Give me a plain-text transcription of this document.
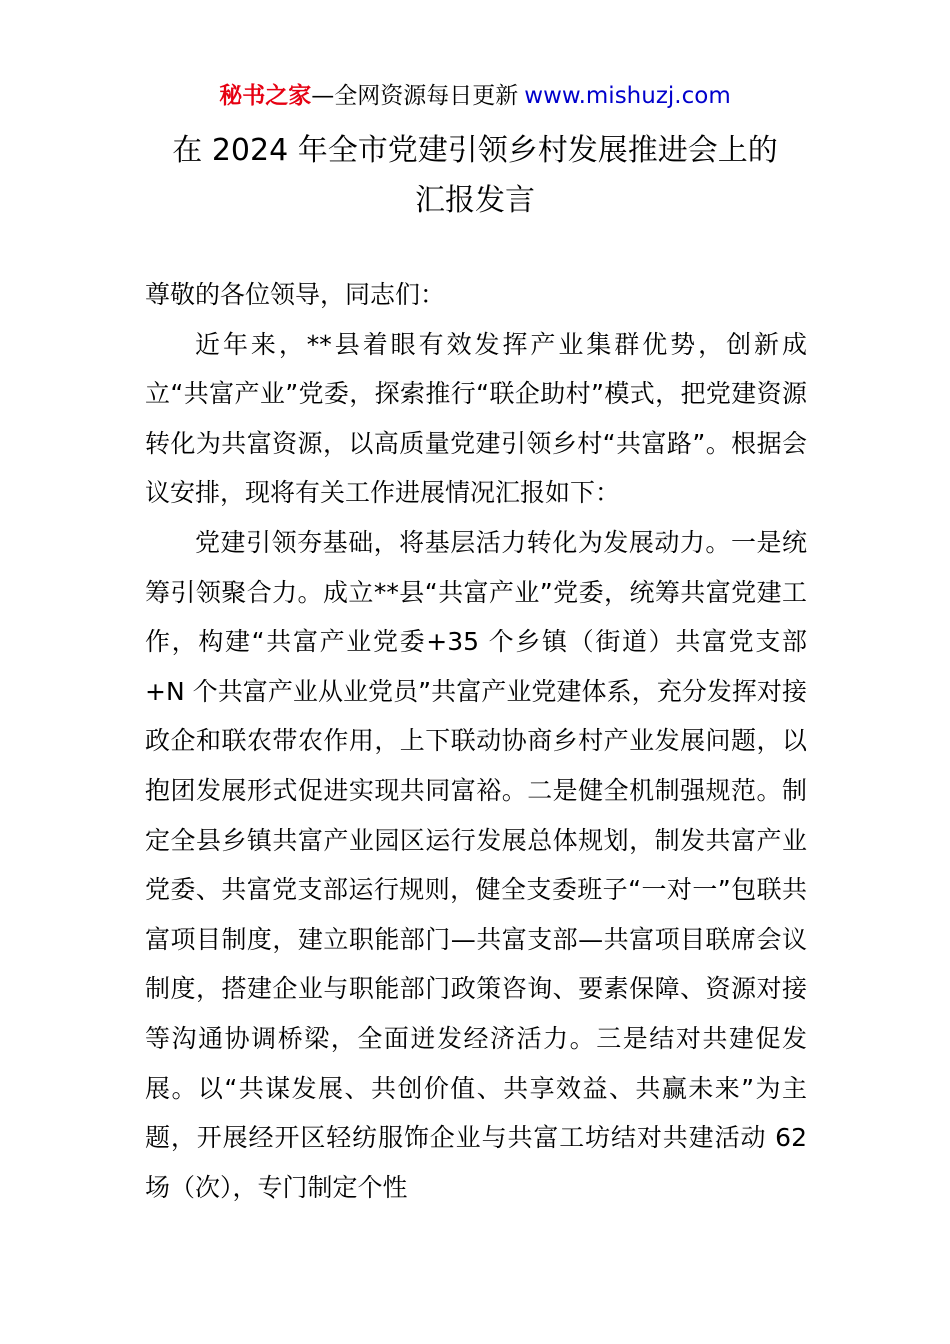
秘书之家—全网资源每日更新 www.mishuzj.com
在 2024 年全市党建引领乡村发展推进会上的
汇报发言

尊敬的各位领导，同志们：

近年来，**县着眼有效发挥产业集群优势，创新成立“共富产业”党委，探索推行“联企助村”模式，把党建资源转化为共富资源，以高质量党建引领乡村“共富路”。根据会议安排，现将有关工作进展情况汇报如下：

党建引领夯基础，将基层活力转化为发展动力。一是统筹引领聚合力。成立**县“共富产业”党委，统筹共富党建工作，构建“共富产业党委+35 个乡镇（街道）共富党支部+N 个共富产业从业党员”共富产业党建体系，充分发挥对接政企和联农带农作用，上下联动协商乡村产业发展问题，以抱团发展形式促进实现共同富裕。二是健全机制强规范。制定全县乡镇共富产业园区运行发展总体规划，制发共富产业党委、共富党支部运行规则，健全支委班子“一对一”包联共富项目制度，建立职能部门—共富支部—共富项目联席会议制度，搭建企业与职能部门政策咨询、要素保障、资源对接等沟通协调桥梁，全面迸发经济活力。三是结对共建促发展。以“共谋发展、共创价值、共享效益、共赢未来”为主题，开展经开区轻纺服饰企业与共富工坊结对共建活动 62 场（次），专门制定个性
